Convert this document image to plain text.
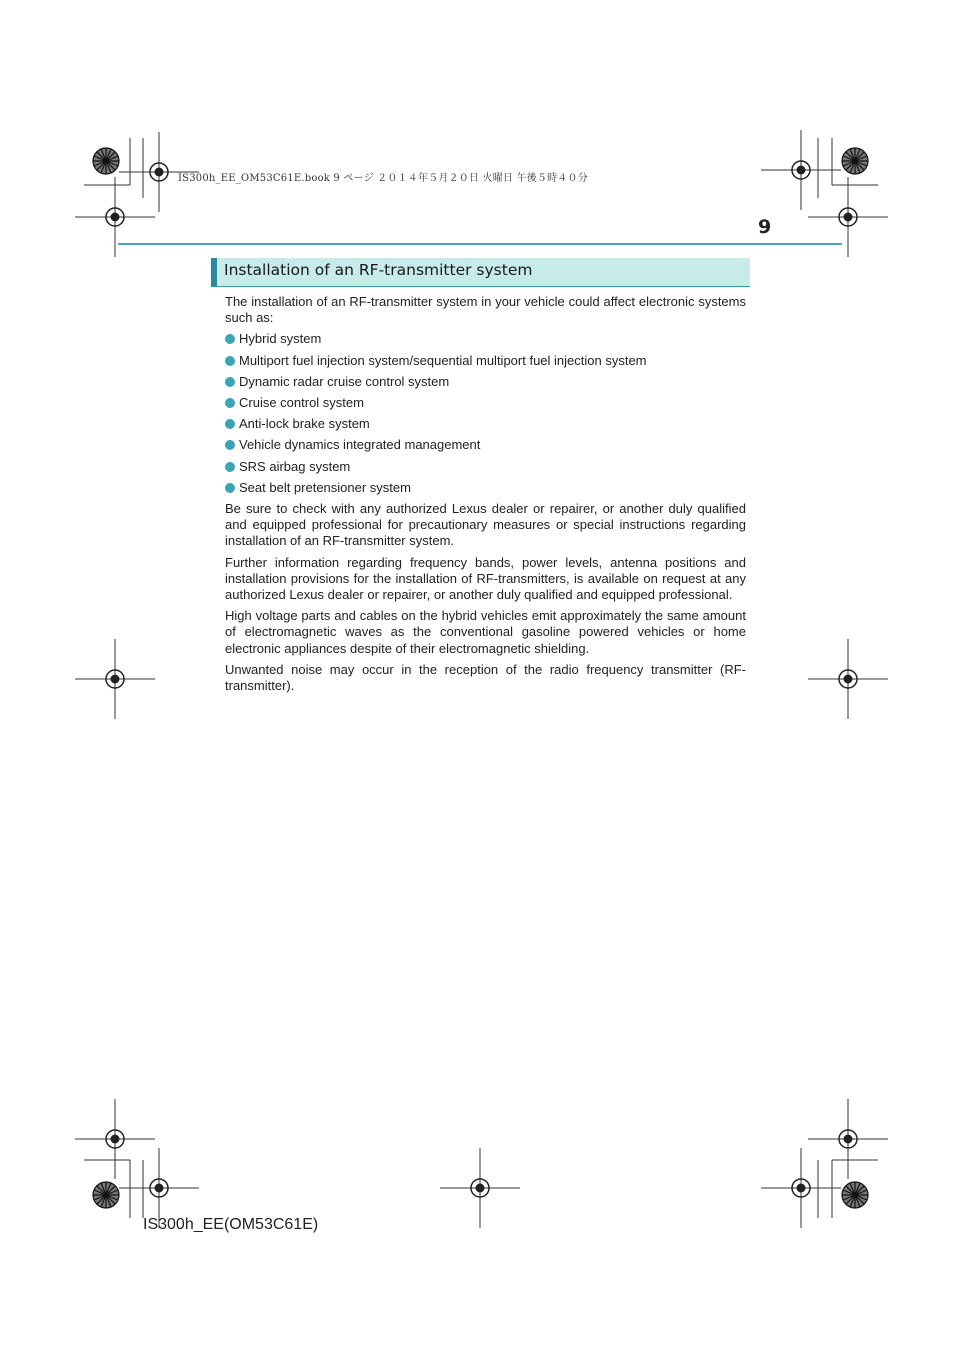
IS300h_EE_OM53C61E.book 9 ページ ２０１４年５月２０日 火曜日 午後５時４０分
9
Installation of an RF-transmitter system

The installation of an RF-transmitter system in your vehicle could affect electronic systems such as:

Hybrid system
Multiport fuel injection system/sequential multiport fuel injection system
Dynamic radar cruise control system
Cruise control system
Anti-lock brake system
Vehicle dynamics integrated management
SRS airbag system
Seat belt pretensioner system

Be sure to check with any authorized Lexus dealer or repairer, or another duly qualified and equipped professional for precautionary measures or special instructions regarding installation of an RF-transmitter system.

Further information regarding frequency bands, power levels, antenna positions and installation provisions for the installation of RF-transmitters, is available on request at any authorized Lexus dealer or repairer, or another duly qualified and equipped professional.

High voltage parts and cables on the hybrid vehicles emit approximately the same amount of electromagnetic waves as the conventional gasoline powered vehicles or home electronic appliances despite of their electromagnetic shielding.

Unwanted noise may occur in the reception of the radio frequency transmitter (RF-transmitter).

IS300h_EE(OM53C61E)
